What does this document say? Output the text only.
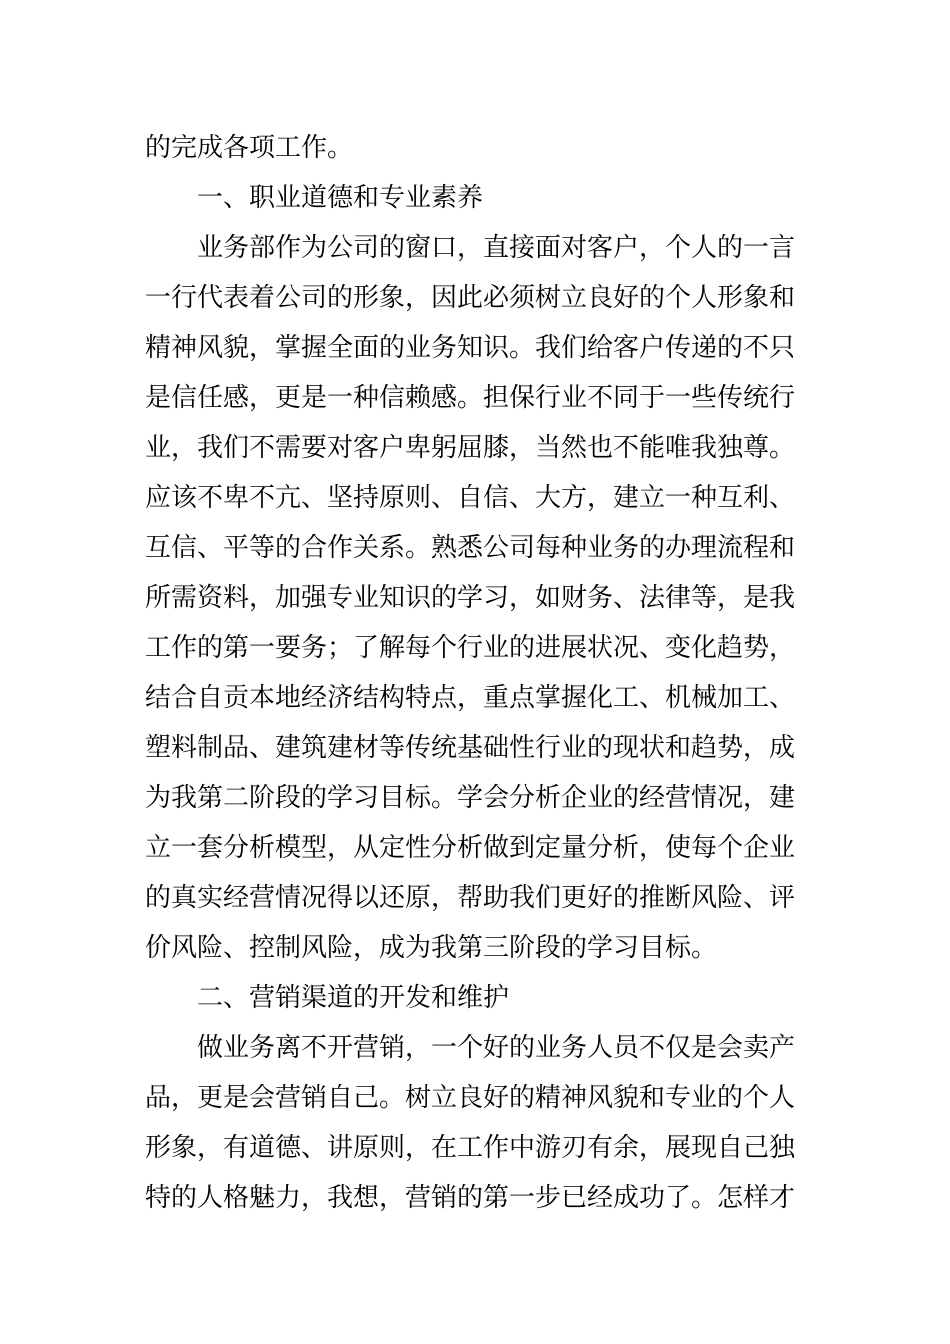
的完成各项工作。
一、职业道德和专业素养
业务部作为公司的窗口，直接面对客户，个人的一言
一行代表着公司的形象，因此必须树立良好的个人形象和
精神风貌，掌握全面的业务知识。我们给客户传递的不只
是信任感，更是一种信赖感。担保行业不同于一些传统行
业，我们不需要对客户卑躬屈膝，当然也不能唯我独尊。
应该不卑不亢、坚持原则、自信、大方，建立一种互利、
互信、平等的合作关系。熟悉公司每种业务的办理流程和
所需资料，加强专业知识的学习，如财务、法律等，是我
工作的第一要务；了解每个行业的进展状况、变化趋势，
结合自贡本地经济结构特点，重点掌握化工、机械加工、
塑料制品、建筑建材等传统基础性行业的现状和趋势，成
为我第二阶段的学习目标。学会分析企业的经营情况，建
立一套分析模型，从定性分析做到定量分析，使每个企业
的真实经营情况得以还原，帮助我们更好的推断风险、评
价风险、控制风险，成为我第三阶段的学习目标。
二、营销渠道的开发和维护
做业务离不开营销，一个好的业务人员不仅是会卖产
品，更是会营销自己。树立良好的精神风貌和专业的个人
形象，有道德、讲原则，在工作中游刃有余，展现自己独
特的人格魅力，我想，营销的第一步已经成功了。怎样才
